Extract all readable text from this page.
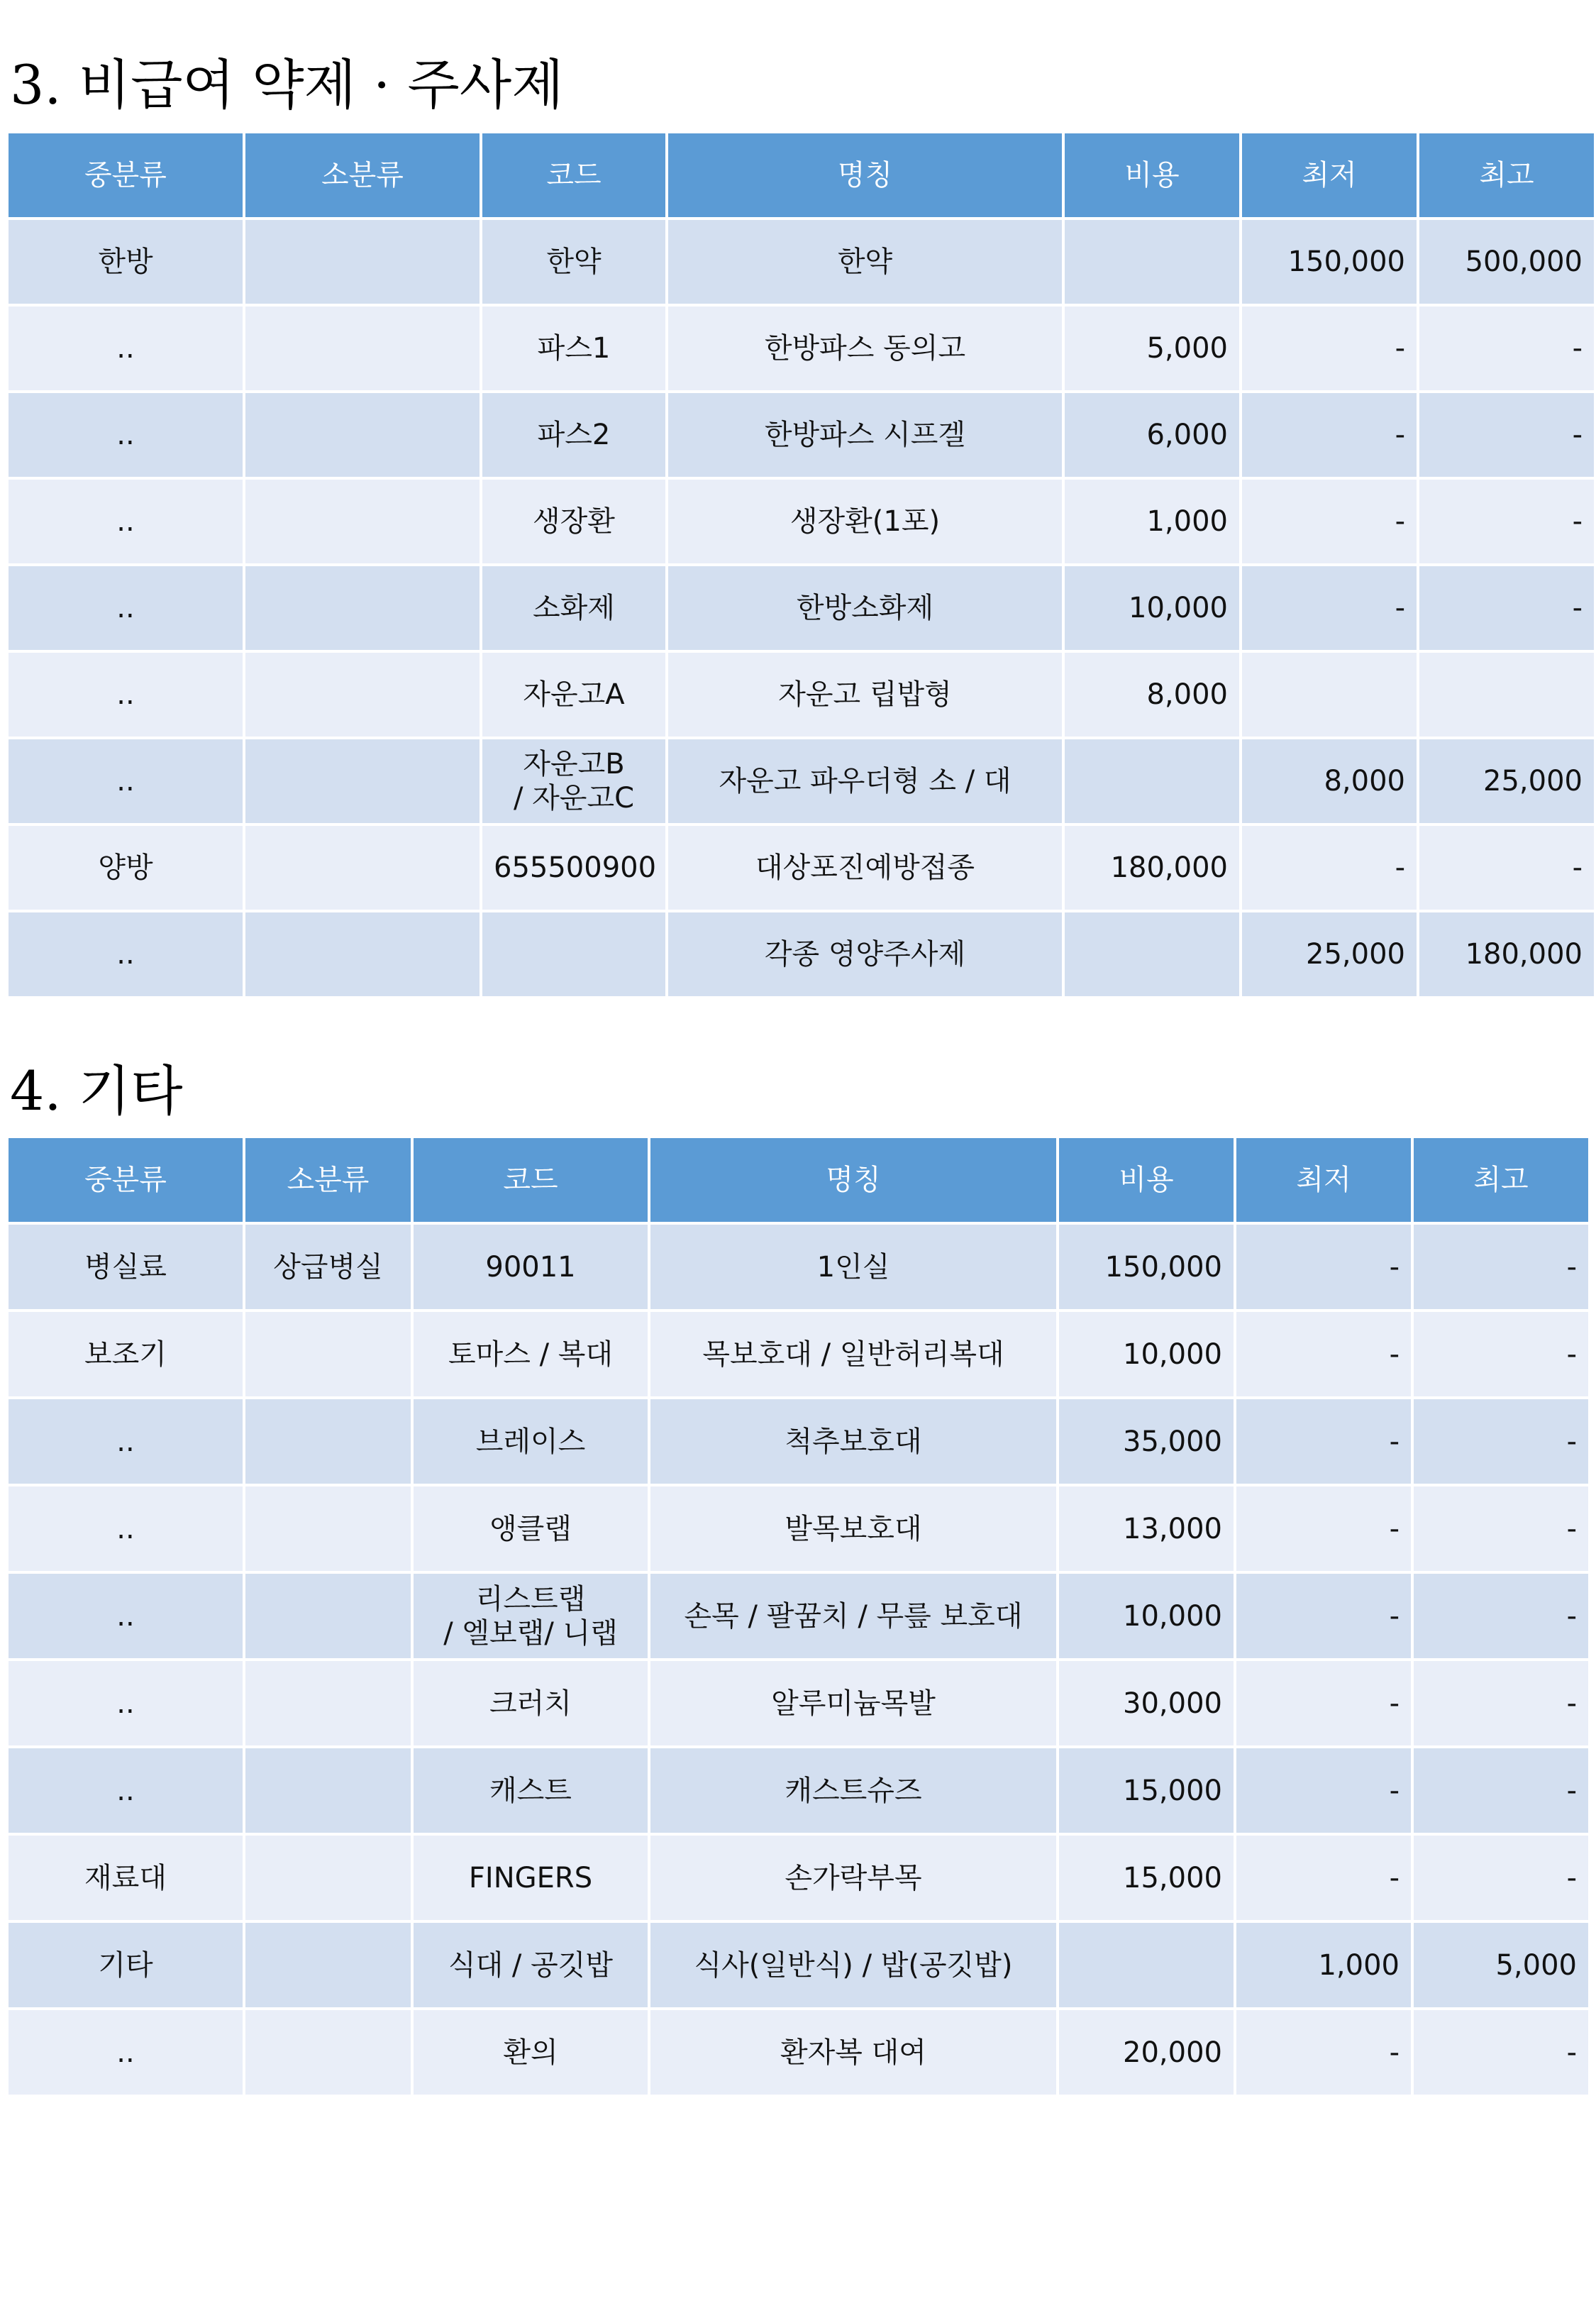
3. 비급여 약제 · 주사제
중분류	소분류	코드	명칭	비용	최저	최고
한방		한약	한약		150,000	500,000
..		파스1	한방파스 동의고	5,000	-	-
..		파스2	한방파스 시프겔	6,000	-	-
..		생장환	생장환(1포)	1,000	-	-
..		소화제	한방소화제	10,000	-	-
..		자운고A	자운고 립밥형	8,000		
..		자운고B
/ 자운고C	자운고 파우더형 소 / 대		8,000	25,000
양방		655500900	대상포진예방접종	180,000	-	-
..			각종 영양주사제		25,000	180,000
4. 기타
중분류	소분류	코드	명칭	비용	최저	최고
병실료	상급병실	90011	1인실	150,000	-	-
보조기		토마스 / 복대	목보호대 / 일반허리복대	10,000	-	-
..		브레이스	척추보호대	35,000	-	-
..		앵클랩	발목보호대	13,000	-	-
..		리스트랩
/ 엘보랩/ 니랩	손목 / 팔꿈치 / 무릎 보호대	10,000	-	-
..		크러치	알루미늄목발	30,000	-	-
..		캐스트	캐스트슈즈	15,000	-	-
재료대		FINGERS	손가락부목	15,000	-	-
기타		식대 / 공깃밥	식사(일반식) / 밥(공깃밥)		1,000	5,000
..		환의	환자복 대여	20,000	-	-
